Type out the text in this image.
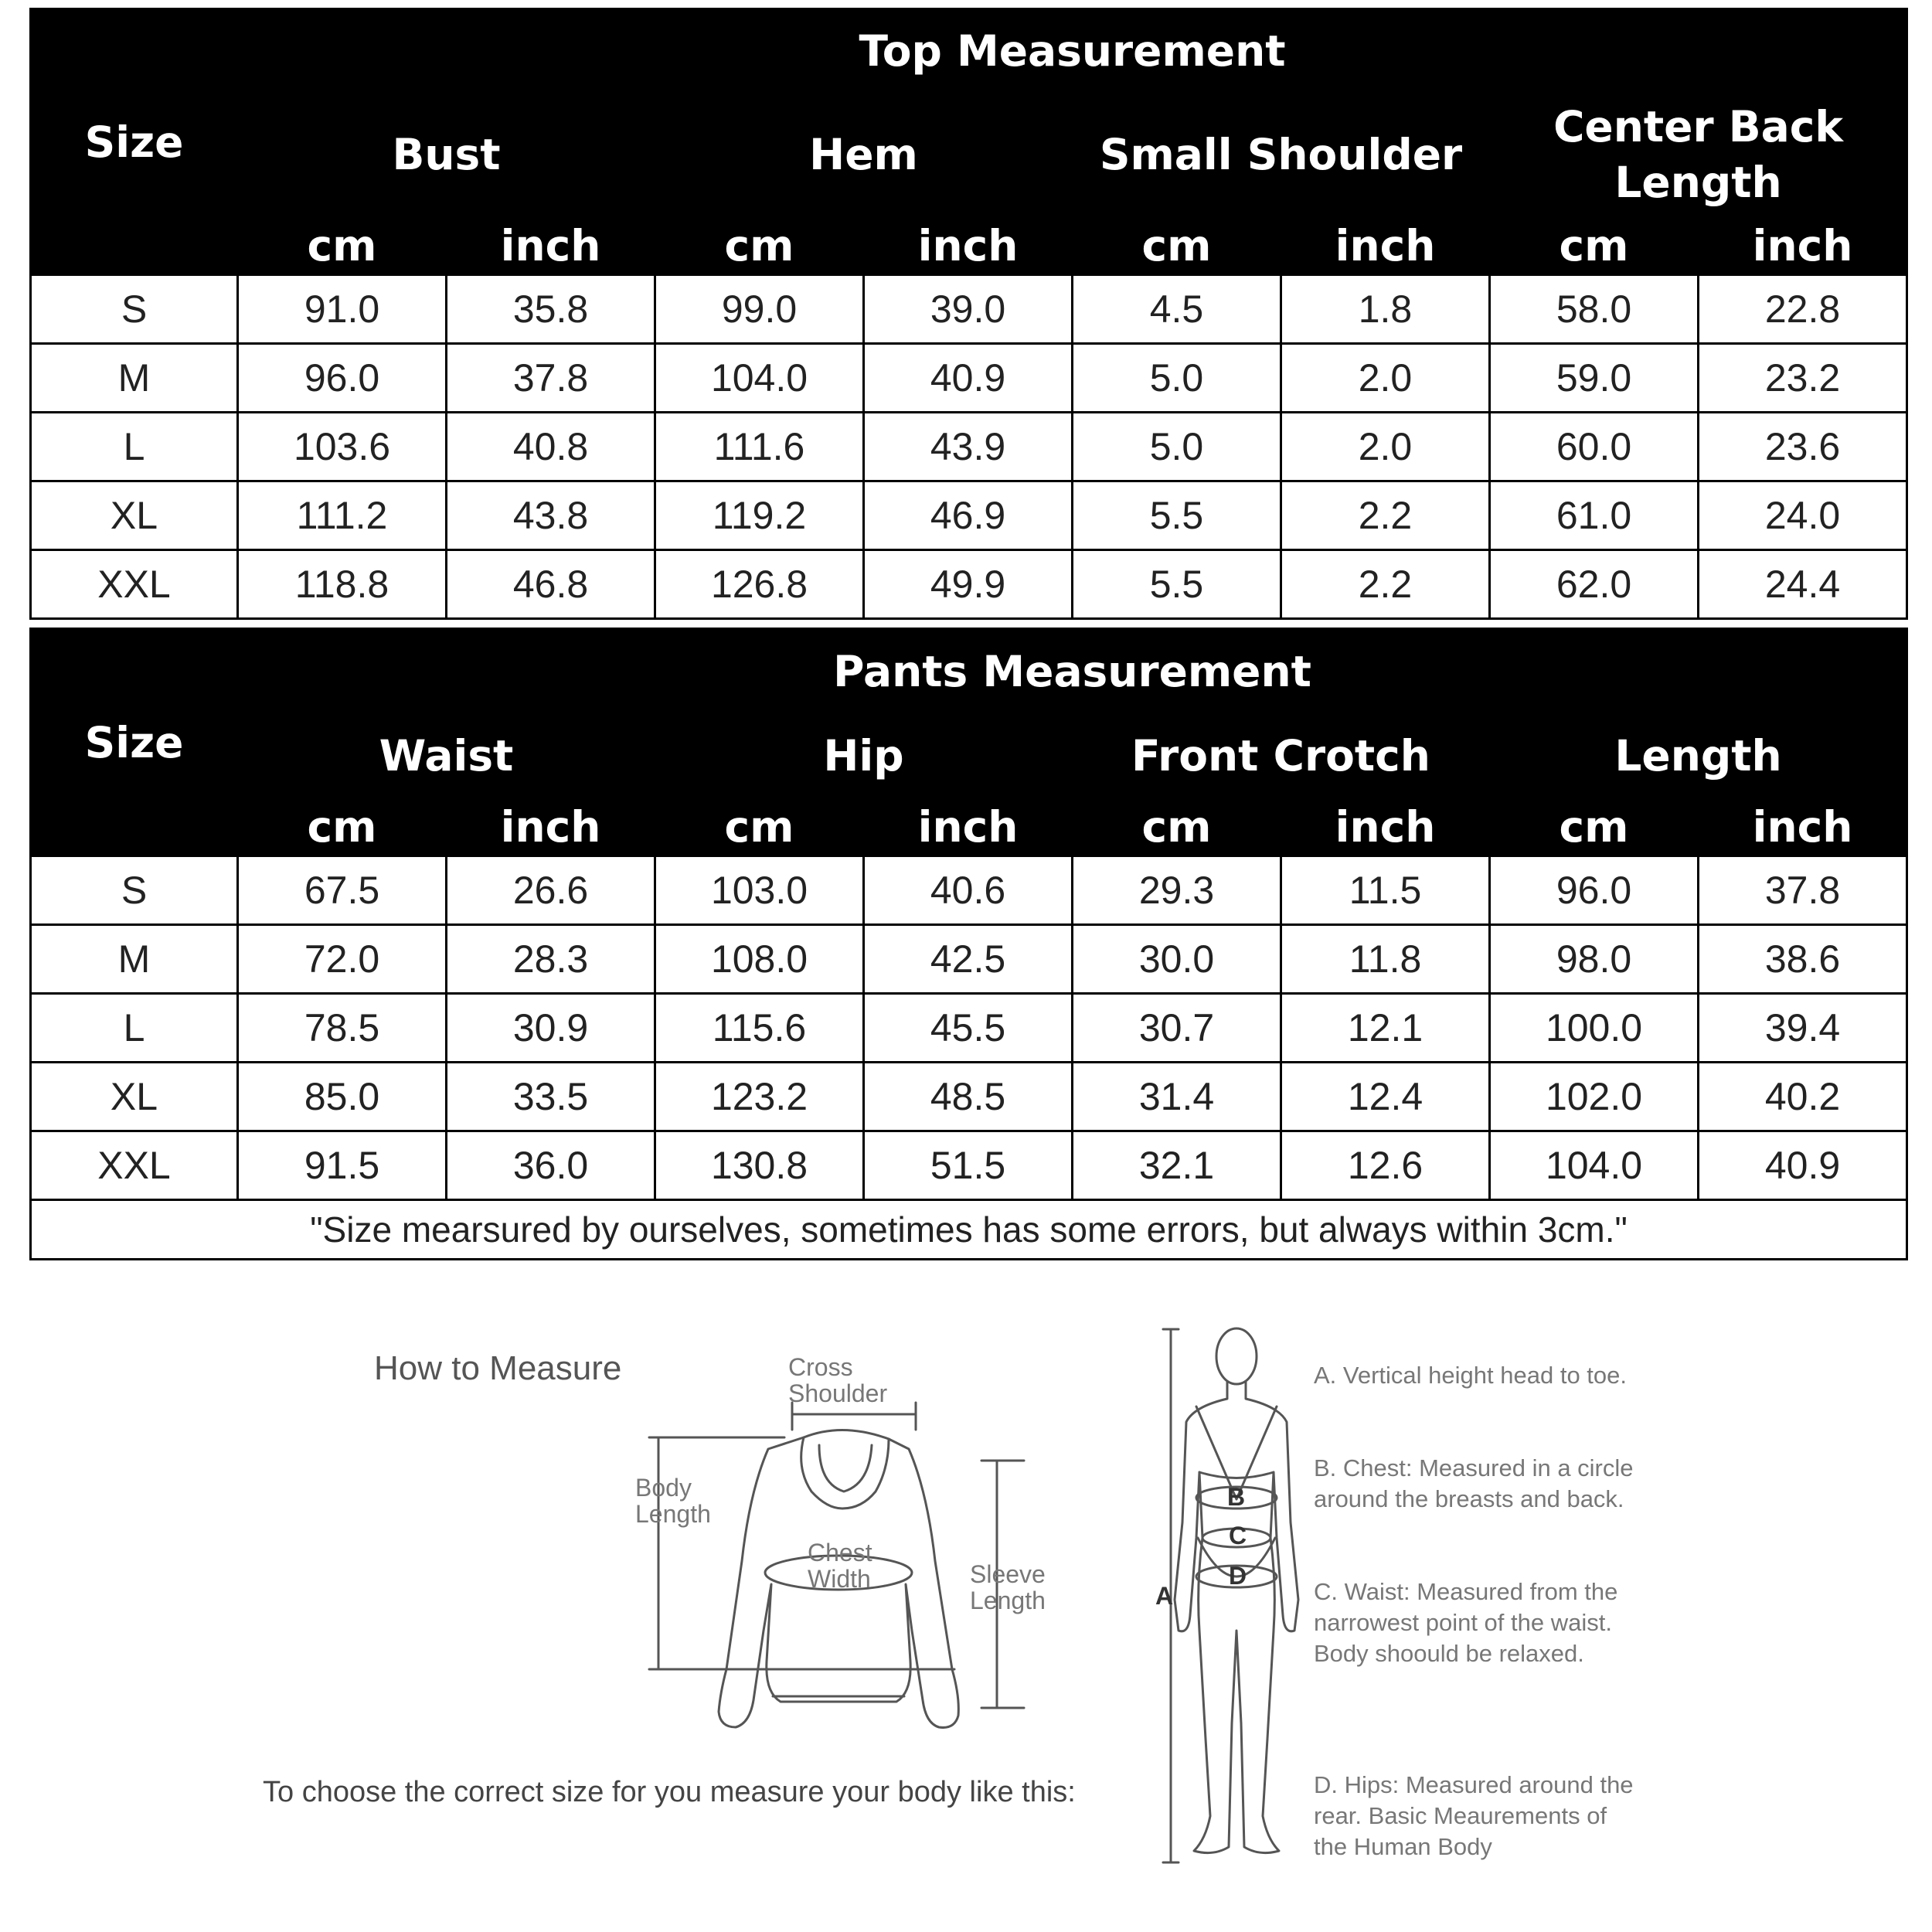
Size	Top Measurement							
	Bust		Hem		Small Shoulder		Center Back Length	
	cm	inch	cm	inch	cm	inch	cm	inch
S	91.0	35.8	99.0	39.0	4.5	1.8	58.0	22.8
M	96.0	37.8	104.0	40.9	5.0	2.0	59.0	23.2
L	103.6	40.8	111.6	43.9	5.0	2.0	60.0	23.6
XL	111.2	43.8	119.2	46.9	5.5	2.2	61.0	24.0
XXL	118.8	46.8	126.8	49.9	5.5	2.2	62.0	24.4
Size	Pants Measurement							
	Waist		Hip		Front Crotch		Length	
	cm	inch	cm	inch	cm	inch	cm	inch
S	67.5	26.6	103.0	40.6	29.3	11.5	96.0	37.8
M	72.0	28.3	108.0	42.5	30.0	11.8	98.0	38.6
L	78.5	30.9	115.6	45.5	30.7	12.1	100.0	39.4
XL	85.0	33.5	123.2	48.5	31.4	12.4	102.0	40.2
XXL	91.5	36.0	130.8	51.5	32.1	12.6	104.0	40.9
"Size mearsured by ourselves, sometimes has some errors, but always within 3cm."								
B
C
D
A
How to Measure	Cross Shoulder
Body Length
Chest Width	Sleeve Length
To choose the correct size for you measure your body like this:
A. Vertical height head to toe.
B. Chest: Measured in a circle around the breasts and back.
C. Waist: Measured from the narrowest point of the waist. Body shoould be relaxed.
D. Hips: Measured around the rear. Basic Meaurements of the Human Body
